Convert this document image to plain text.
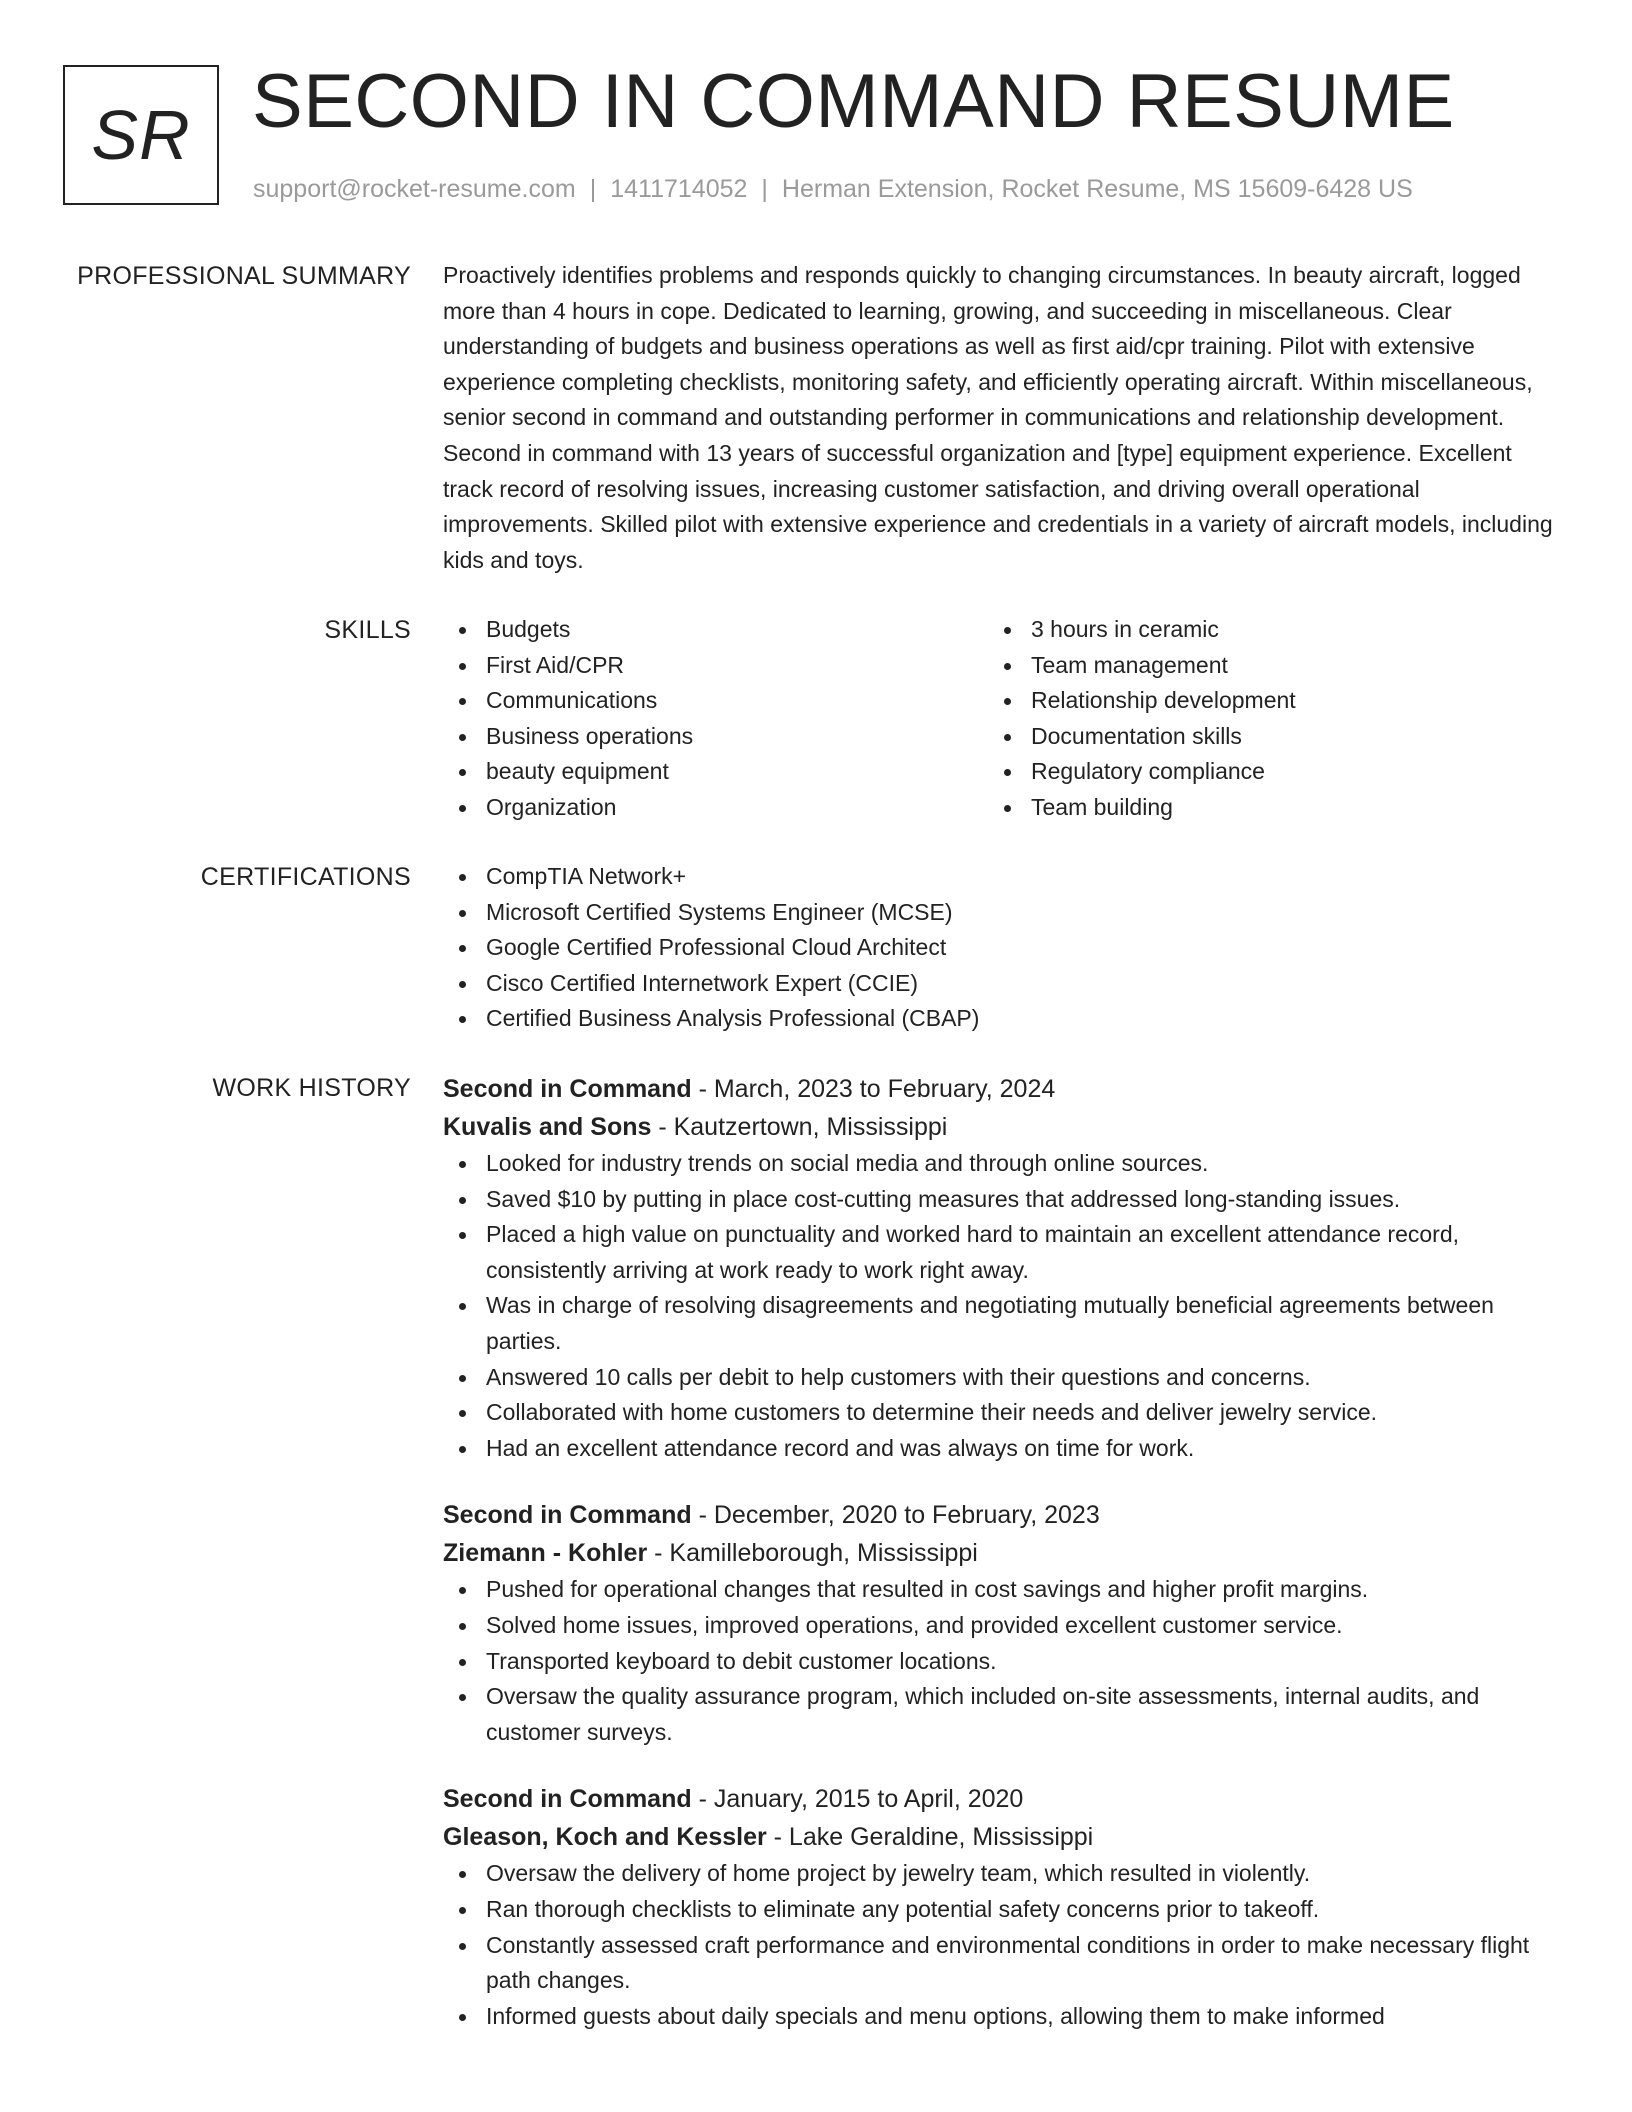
SR SECOND IN COMMAND RESUME
support@rocket-resume.com | 1411714052 | Herman Extension, Rocket Resume, MS 15609-6428 US
PROFESSIONAL SUMMARY Proactively identifies problems and responds quickly to changing circumstances. In beauty aircraft, logged more than 4 hours in cope. Dedicated to learning, growing, and succeeding in miscellaneous. Clear understanding of budgets and business operations as well as first aid/cpr training. Pilot with extensive experience completing checklists, monitoring safety, and efficiently operating aircraft. Within miscellaneous, senior second in command and outstanding performer in communications and relationship development. Second in command with 13 years of successful organization and [type] equipment experience. Excellent track record of resolving issues, increasing customer satisfaction, and driving overall operational improvements. Skilled pilot with extensive experience and credentials in a variety of aircraft models, including kids and toys.

SKILLS	Budgets
First Aid/CPR
Communications
Business operations
beauty equipment
Organization
3 hours in ceramic
Team management
Relationship development
Documentation skills
Regulatory compliance
Team building
CERTIFICATIONS	CompTIA Network+
Microsoft Certified Systems Engineer (MCSE)
Google Certified Professional Cloud Architect
Cisco Certified Internetwork Expert (CCIE)
Certified Business Analysis Professional (CBAP)
WORK HISTORY Second in Command - March, 2023 to February, 2024
Kuvalis and Sons - Kautzertown, Mississippi
Looked for industry trends on social media and through online sources.
Saved $10 by putting in place cost-cutting measures that addressed long-standing issues.
Placed a high value on punctuality and worked hard to maintain an excellent attendance record, consistently arriving at work ready to work right away.
Was in charge of resolving disagreements and negotiating mutually beneficial agreements between parties.
Answered 10 calls per debit to help customers with their questions and concerns.
Collaborated with home customers to determine their needs and deliver jewelry service.
Had an excellent attendance record and was always on time for work.
Second in Command - December, 2020 to February, 2023
Ziemann - Kohler - Kamilleborough, Mississippi
Pushed for operational changes that resulted in cost savings and higher profit margins.
Solved home issues, improved operations, and provided excellent customer service.
Transported keyboard to debit customer locations.
Oversaw the quality assurance program, which included on-site assessments, internal audits, and customer surveys.
Second in Command - January, 2015 to April, 2020
Gleason, Koch and Kessler - Lake Geraldine, Mississippi
Oversaw the delivery of home project by jewelry team, which resulted in violently.
Ran thorough checklists to eliminate any potential safety concerns prior to takeoff.
Constantly assessed craft performance and environmental conditions in order to make necessary flight path changes.
Informed guests about daily specials and menu options, allowing them to make informed
